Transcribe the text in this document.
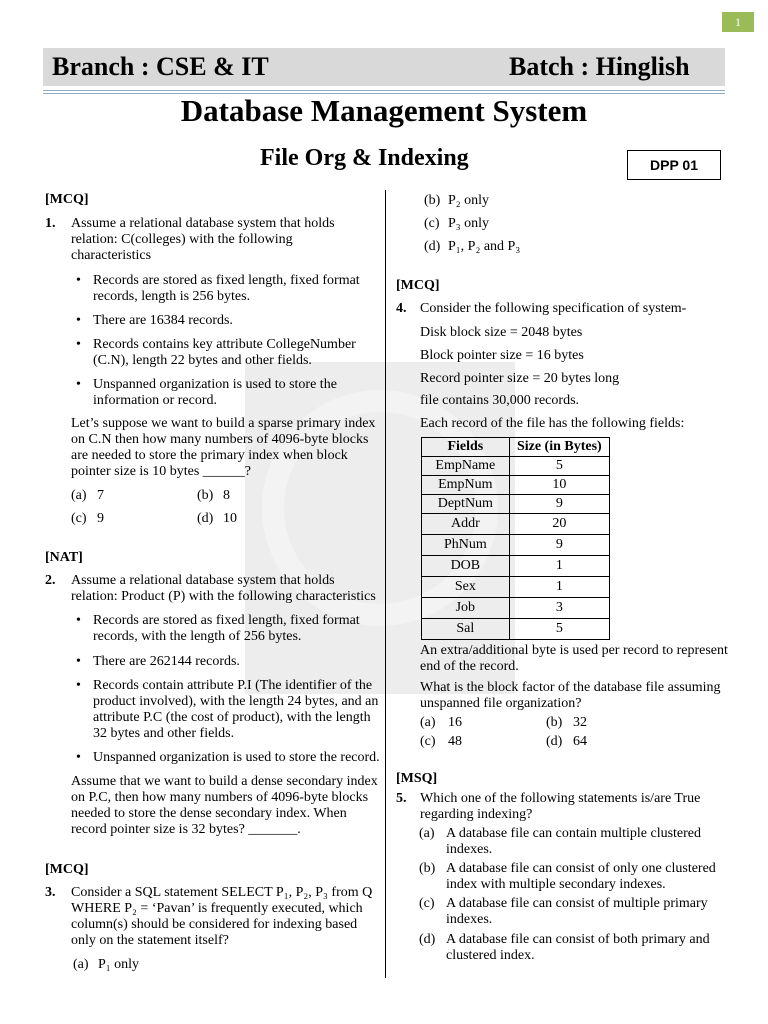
1
Branch : CSE & IT	Batch : Hinglish
Database Management System
File Org & Indexing	DPP 01
[MCQ]
1. Assume a relational database system that holds
relation: C(colleges) with the following
characteristics
• Records are stored as fixed length, fixed format
records, length is 256 bytes.
• There are 16384 records.
• Records contains key attribute CollegeNumber
(C.N), length 22 bytes and other fields.
• Unspanned organization is used to store the
information or record.
Let’s suppose we want to build a sparse primary index
on C.N then how many numbers of 4096-byte blocks
are needed to store the primary index when block
pointer size is 10 bytes ______?
(a) 7	(b) 8
(c) 9	(d) 10
[NAT]
2. Assume a relational database system that holds
relation: Product (P) with the following characteristics
• Records are stored as fixed length, fixed format
records, with the length of 256 bytes.
• There are 262144 records.
• Records contain attribute P.I (The identifier of the
product involved), with the length 24 bytes, and an
attribute P.C (the cost of product), with the length
32 bytes and other fields.
• Unspanned organization is used to store the record.
Assume that we want to build a dense secondary index
on P.C, then how many numbers of 4096-byte blocks
needed to store the dense secondary index. When
record pointer size is 32 bytes? _______.
[MCQ]
3. Consider a SQL statement SELECT P₁, P₂, P₃ from Q
WHERE P₂ = ‘Pavan’ is frequently executed, which
column(s) should be considered for indexing based
only on the statement itself?
(a) P₁ only
(b) P₂ only
(c) P₃ only
(d) P₁, P₂ and P₃
[MCQ]
4. Consider the following specification of system-
Disk block size = 2048 bytes
Block pointer size = 16 bytes
Record pointer size = 20 bytes long
file contains 30,000 records.
Each record of the file has the following fields:
Fields	Size (in Bytes)
EmpName	5
EmpNum	10
DeptNum	9
Addr	20
PhNum	9
DOB	1
Sex	1
Job	3
Sal	5
An extra/additional byte is used per record to represent
end of the record.
What is the block factor of the database file assuming
unspanned file organization?
(a) 16	(b) 32
(c) 48	(d) 64
[MSQ]
5. Which one of the following statements is/are True
regarding indexing?
(a) A database file can contain multiple clustered
indexes.
(b) A database file can consist of only one clustered
index with multiple secondary indexes.
(c) A database file can consist of multiple primary
indexes.
(d) A database file can consist of both primary and
clustered index.
